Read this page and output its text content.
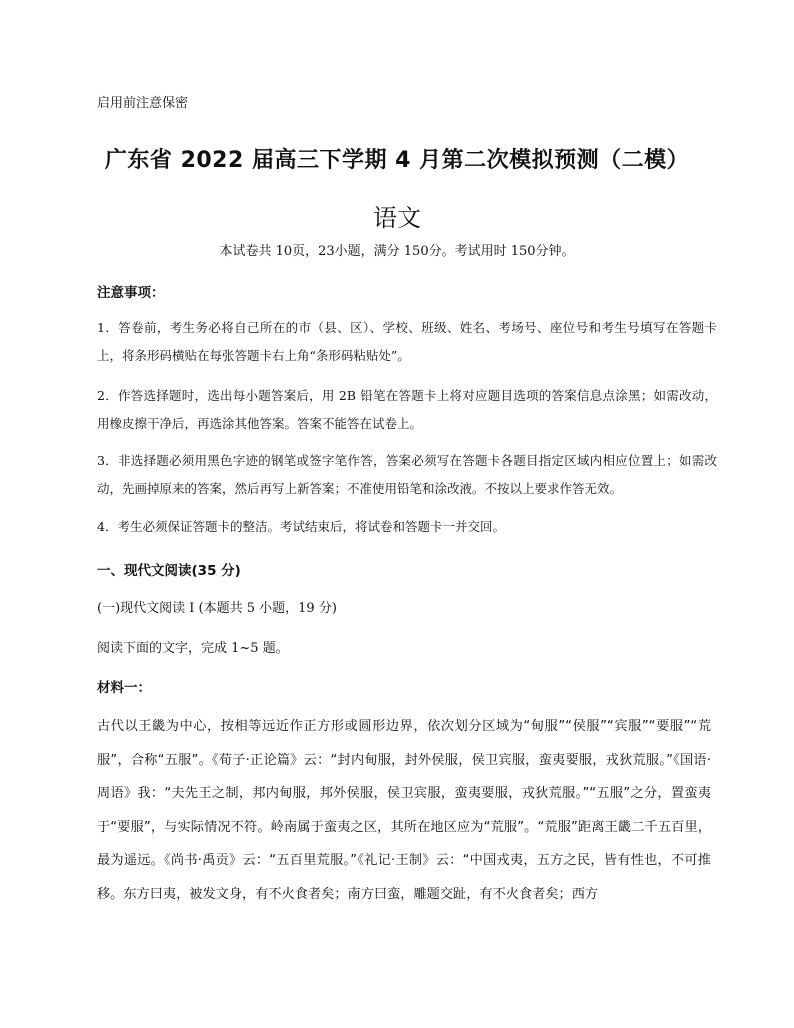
启用前注意保密
广东省 2022 届高三下学期 4 月第二次模拟预测（二模）
语文
本试卷共 10页，23小题，满分 150分。考试用时 150分钟。
注意事项：
1．答卷前，考生务必将自己所在的市（县、区）、学校、班级、姓名、考场号、座位号和考生号填写在答题卡上，将条形码横贴在每张答题卡右上角“条形码粘贴处”。
2．作答选择题时，选出每小题答案后，用 2B 铅笔在答题卡上将对应题目选项的答案信息点涂黑；如需改动，用橡皮擦干净后，再选涂其他答案。答案不能答在试卷上。
3．非选择题必须用黑色字迹的钢笔或签字笔作答，答案必须写在答题卡各题目指定区域内相应位置上；如需改动，先画掉原来的答案，然后再写上新答案；不准使用铅笔和涂改液。不按以上要求作答无效。
4．考生必须保证答题卡的整洁。考试结束后，将试卷和答题卡一并交回。
一、现代文阅读(35 分)
(一)现代文阅读 I (本题共 5 小题，19 分)
阅读下面的文字，完成 1~5 题。
材料一：
古代以王畿为中心，按相等远近作正方形或圆形边界，依次划分区域为“甸服”“侯服”“宾服”“要服”“荒服”，合称“五服”。《荀子·正论篇》云：“封内甸服，封外侯服，侯卫宾服，蛮夷要服，戎狄荒服。”《国语·周语》我：“夫先王之制，邦内甸服，邦外侯服，侯卫宾服，蛮夷要服，戎狄荒服。”“五服”之分，置蛮夷于“要服”，与实际情况不符。岭南属于蛮夷之区，其所在地区应为“荒服”。“荒服”距离王畿二千五百里，最为遥远。《尚书·禹贡》云：“五百里荒服。”《礼记·王制》云：“中国戎夷，五方之民，皆有性也，不可推移。东方曰夷，被发文身，有不火食者矣；南方曰蛮，雕题交趾，有不火食者矣；西方
